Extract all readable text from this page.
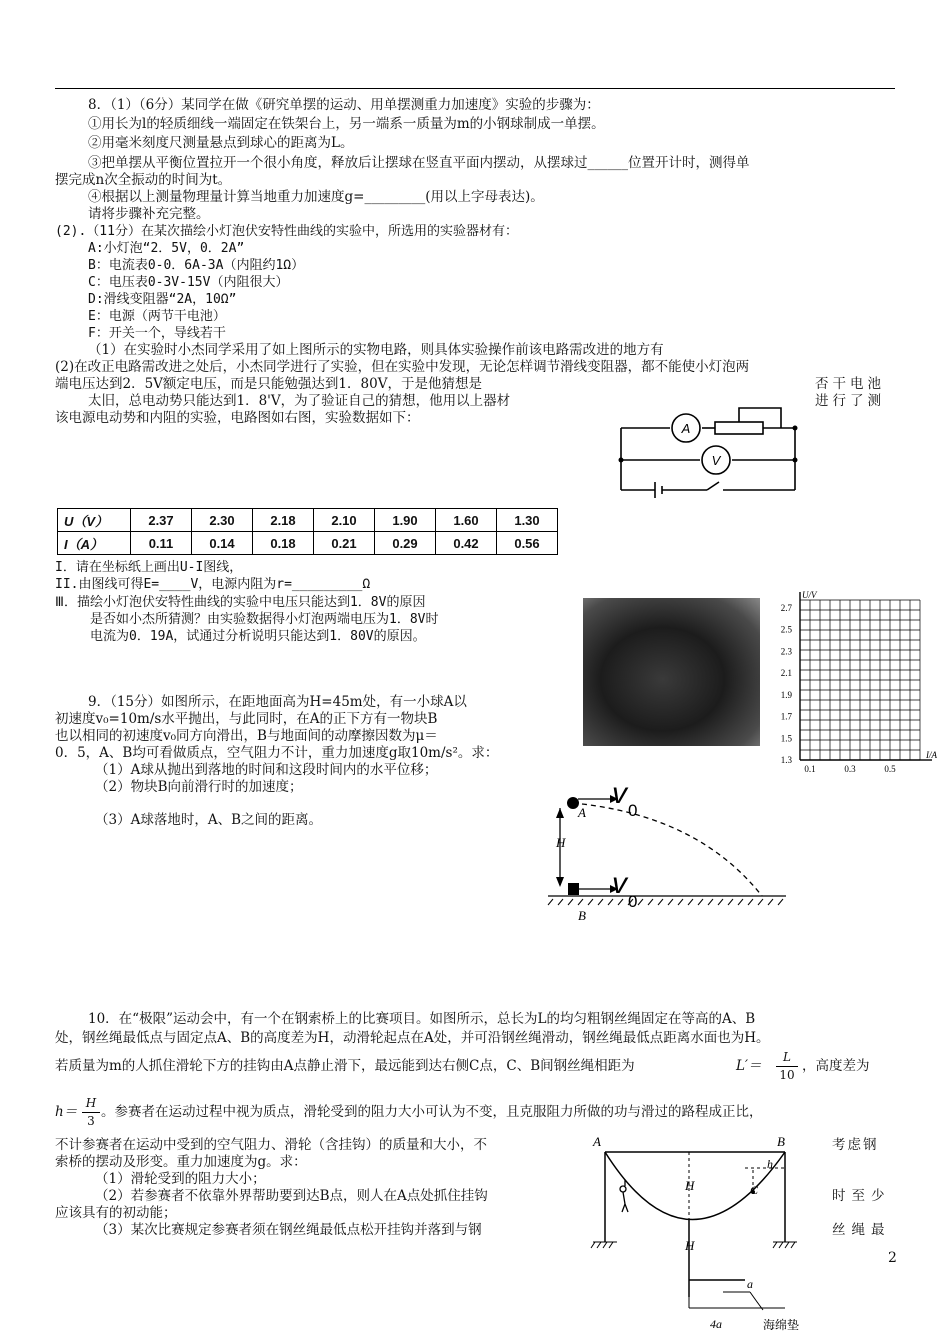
8．（1）（6分）某同学在做《研究单摆的运动、用单摆测重力加速度》实验的步骤为：
①用长为l的轻质细线一端固定在铁架台上，另一端系一质量为m的小钢球制成一单摆。
②用毫米刻度尺测量悬点到球心的距离为L。
③把单摆从平衡位置拉开一个很小角度，释放后让摆球在竖直平面内摆动，从摆球过______位置开计时，测得单
摆完成n次全振动的时间为t。
④根据以上测量物理量计算当地重力加速度g=_________(用以上字母表达)。
请将步骤补充完整。
(2).（11分）在某次描绘小灯泡伏安特性曲线的实验中，所选用的实验器材有：
A:小灯泡“2．5V，0．2A”
B：电流表0-0．6A-3A（内阻约1Ω）
C：电压表0-3V-15V（内阻很大）
D:滑线变阻器“2A，10Ω”
E：电源（两节干电池）
F：开关一个，导线若干
（1）在实验时小杰同学采用了如上图所示的实物电路，则具体实验操作前该电路需改进的地方有
(2)在改正电路需改进之处后，小杰同学进行了实验，但在实验中发现，无论怎样调节滑线变阻器，都不能使小灯泡两
端电压达到2．5V额定电压，而是只能勉强达到1．80V，于是他猜想是	否干电池
太旧，总电动势只能达到1．8'V，为了验证自己的猜想，他用以上器材	进行了测
该电源电动势和内阻的实验，电路图如右图，实验数据如下：
A
V
U（V）	2.37	2.30	2.18	2.10	1.90	1.60	1.30
I（A）	0.11	0.14	0.18	0.21	0.29	0.42	0.56
I．请在坐标纸上画出U-I图线，
II.由图线可得E=____V，电源内阻为r=_________Ω
Ⅲ．描绘小灯泡伏安特性曲线的实验中电压只能达到1．8V的原因
是否如小杰所猜测？由实验数据得小灯泡两端电压为1．8V时
电流为0．19A，试通过分析说明只能达到1．80V的原因。
2.7
2.5
2.3
2.1
1.9
1.7
1.5
1.3
0.1	0.3	0.5
U/V
I/A
9．（15分）如图所示，在距地面高为H=45m处，有一小球A以
初速度v₀=10m/s水平抛出，与此同时，在A的正下方有一物块B
也以相同的初速度v₀同方向滑出，B与地面间的动摩擦因数为μ＝
0．5，A、B均可看做质点，空气阻力不计，重力加速度g取10m/s²。求：
（1）A球从抛出到落地的时间和这段时间内的水平位移；
（2）物块B向前滑行时的加速度；
（3）A球落地时，A、B之间的距离。
v
0
v
0
A
H
B
10．在“极限”运动会中，有一个在钢索桥上的比赛项目。如图所示，总长为L的均匀粗钢丝绳固定在等高的A、B
处，钢丝绳最低点与固定点A、B的高度差为H，动滑轮起点在A处，并可沿钢丝绳滑动，钢丝绳最低点距离水面也为H。
若质量为m的人抓住滑轮下方的挂钩由A点静止滑下，最远能到达右侧C点，C、B间钢丝绳相距为	L′＝
L
10
，高度差为
h＝
H
3
。参赛者在运动过程中视为质点，滑轮受到的阻力大小可认为不变，且克服阻力所做的功与滑过的路程成正比，
不计参赛者在运动中受到的空气阻力、滑轮（含挂钩）的质量和大小，不	考虑钢
索桥的摆动及形变。重力加速度为g。求：
（1）滑轮受到的阻力大小；
（2）若参赛者不依靠外界帮助要到达B点，则人在A点处抓住挂钩	时至少
应该具有的初动能；
（3）某次比赛规定参赛者须在钢丝绳最低点松开挂钩并落到与钢	丝绳最
A	B
C
h
H
H
a
4a	海绵垫
2
